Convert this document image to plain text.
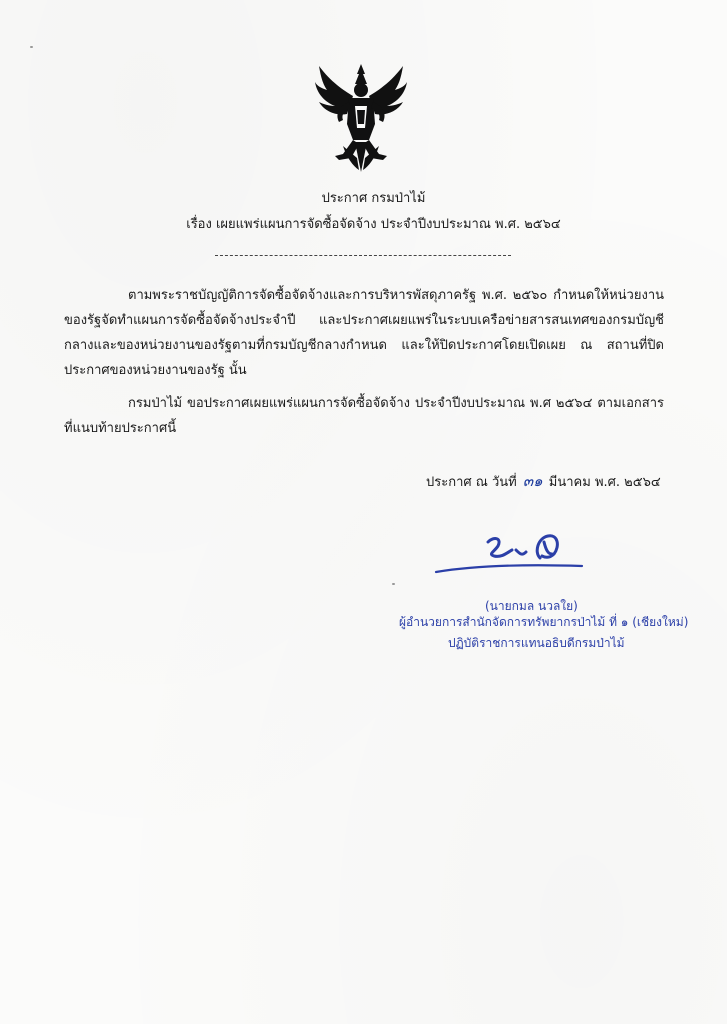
ประกาศ กรมป่าไม้
เรื่อง เผยแพร่แผนการจัดซื้อจัดจ้าง ประจำปีงบประมาณ พ.ศ. ๒๕๖๔
ตามพระราชบัญญัติการจัดซื้อจัดจ้างและการบริหารพัสดุภาครัฐ พ.ศ. ๒๕๖๐ กำหนดให้หน่วยงานของรัฐจัดทำแผนการจัดซื้อจัดจ้างประจำปี และประกาศเผยแพร่ในระบบเครือข่ายสารสนเทศของกรมบัญชีกลางและของหน่วยงานของรัฐตามที่กรมบัญชีกลางกำหนด และให้ปิดประกาศโดยเปิดเผย ณ สถานที่ปิดประกาศของหน่วยงานของรัฐ นั้น
กรมป่าไม้ ขอประกาศเผยแพร่แผนการจัดซื้อจัดจ้าง ประจำปีงบประมาณ พ.ศ ๒๕๖๔ ตามเอกสารที่แนบท้ายประกาศนี้
ประกาศ ณ วันที่ ๓๑ มีนาคม พ.ศ. ๒๕๖๔
(นายกมล นวลใย)
ผู้อำนวยการสำนักจัดการทรัพยากรป่าไม้ ที่ ๑ (เชียงใหม่)
ปฏิบัติราชการแทนอธิบดีกรมป่าไม้
